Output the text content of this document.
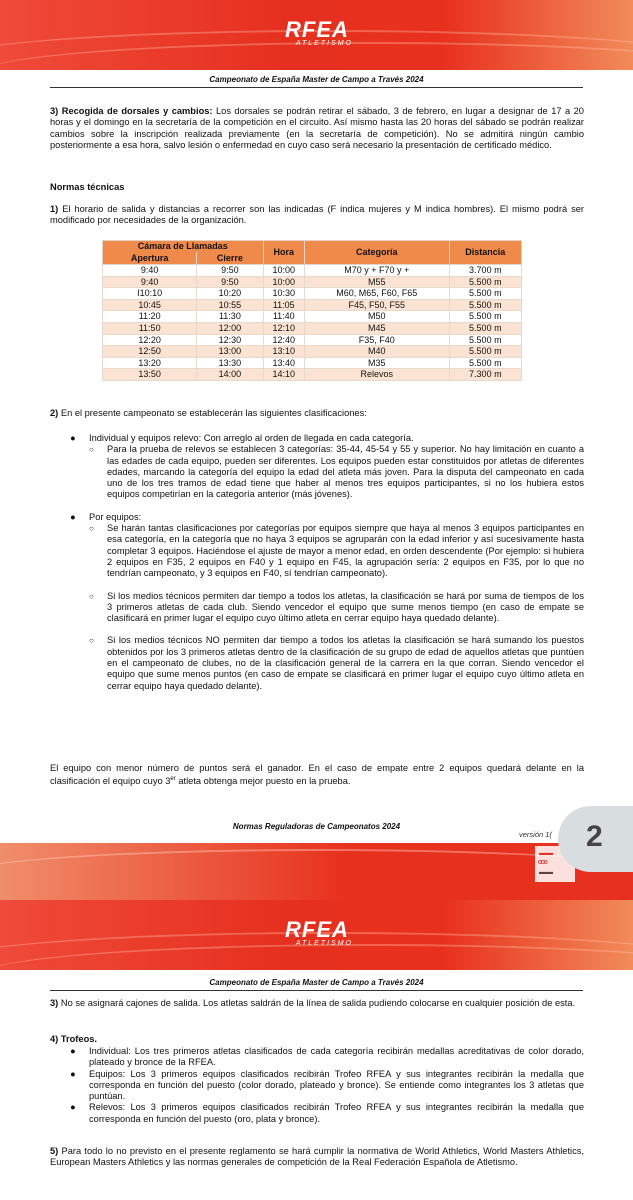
RFEA
ATLETISMO
Campeonato de España Master de Campo a Través 2024
3) Recogida de dorsales y cambios: Los dorsales se podrán retirar el sábado, 3 de febrero, en lugar a designar de 17 a 20 horas y el domingo en la secretaría de la competición en el circuito. Así mismo hasta las 20 horas del sábado se podrán realizar cambios sobre la inscripción realizada previamente (en la secretaría de competición). No se admitirá ningún cambio posteriormente a esa hora, salvo lesión o enfermedad en cuyo caso será necesario la presentación de certificado médico.
Normas técnicas
1) El horario de salida y distancias a recorrer son las indicadas (F indica mujeres y M indica hombres). El mismo podrá ser modificado por necesidades de la organización.
Cámara de Llamadas		Hora	Categoría	Distancia
Apertura	Cierre			
9:40	9:50	10:00	M70 y + F70 y +	3.700 m
9:40	9:50	10:00	M55	5.500 m
I10:10	10:20	10:30	M60, M65, F60, F65	5.500 m
10:45	10:55	11:05	F45, F50, F55	5.500 m
11:20	11:30	11:40	M50	5.500 m
11:50	12:00	12:10	M45	5.500 m
12:20	12:30	12:40	F35, F40	5.500 m
12:50	13:00	13:10	M40	5.500 m
13:20	13:30	13:40	M35	5.500 m
13:50	14:00	14:10	Relevos	7.300 m
2) En el presente campeonato se establecerán las siguientes clasificaciones:
● Individual y equipos relevo: Con arreglo al orden de llegada en cada categoría.
○ Para la prueba de relevos se establecen 3 categorías: 35-44, 45-54 y 55 y superior. No hay limitación en cuanto a las edades de cada equipo, pueden ser diferentes. Los equipos pueden estar constituidos por atletas de diferentes edades, marcando la categoría del equipo la edad del atleta más joven. Para la disputa del campeonato en cada uno de los tres tramos de edad tiene que haber al menos tres equipos participantes, si no los hubiera estos equipos competirían en la categoría anterior (más jóvenes).
● Por equipos:
○ Se harán tantas clasificaciones por categorías por equipos siempre que haya al menos 3 equipos participantes en esa categoría, en la categoría que no haya 3 equipos se agruparán con la edad inferior y así sucesivamente hasta completar 3 equipos. Haciéndose el ajuste de mayor a menor edad, en orden descendente (Por ejemplo: si hubiera 2 equipos en F35, 2 equipos en F40 y 1 equipo en F45, la agrupación sería: 2 equipos en F35, por lo que no tendrían campeonato, y 3 equipos en F40, sí tendrían campeonato).
○ Si los medios técnicos permiten dar tiempo a todos los atletas, la clasificación se hará por suma de tiempos de los 3 primeros atletas de cada club. Siendo vencedor el equipo que sume menos tiempo (en caso de empate se clasificará en primer lugar el equipo cuyo último atleta en cerrar equipo haya quedado delante).
○ Si los medios técnicos NO permiten dar tiempo a todos los atletas la clasificación se hará sumando los puestos obtenidos por los 3 primeros atletas dentro de la clasificación de su grupo de edad de aquellos atletas que puntúen en el campeonato de clubes, no de la clasificación general de la carrera en la que corran. Siendo vencedor el equipo que sume menos puntos (en caso de empate se clasificará en primer lugar el equipo cuyo último atleta en cerrar equipo haya quedado delante).
El equipo con menor número de puntos será el ganador. En el caso de empate entre 2 equipos quedará delante en la clasificación el equipo cuyo 3er atleta obtenga mejor puesto en la prueba.
Normas Reguladoras de Campeonatos 2024
versión 1(
▬▬
ooo
▬▬
2
RFEA
ATLETISMO
Campeonato de España Master de Campo a Través 2024
3) No se asignará cajones de salida. Los atletas saldrán de la línea de salida pudiendo colocarse en cualquier posición de esta.
4) Trofeos.
● Individual: Los tres primeros atletas clasificados de cada categoría recibirán medallas acreditativas de color dorado, plateado y bronce de la RFEA.
● Equipos: Los 3 primeros equipos clasificados recibirán Trofeo RFEA y sus integrantes recibirán la medalla que corresponda en función del puesto (color dorado, plateado y bronce). Se entiende como integrantes los 3 atletas que puntúan.
● Relevos: Los 3 primeros equipos clasificados recibirán Trofeo RFEA y sus integrantes recibirán la medalla que corresponda en función del puesto (oro, plata y bronce).
5) Para todo lo no previsto en el presente reglamento se hará cumplir la normativa de World Athletics, World Masters Athletics, European Masters Athletics y las normas generales de competición de la Real Federación Española de Atletismo.
